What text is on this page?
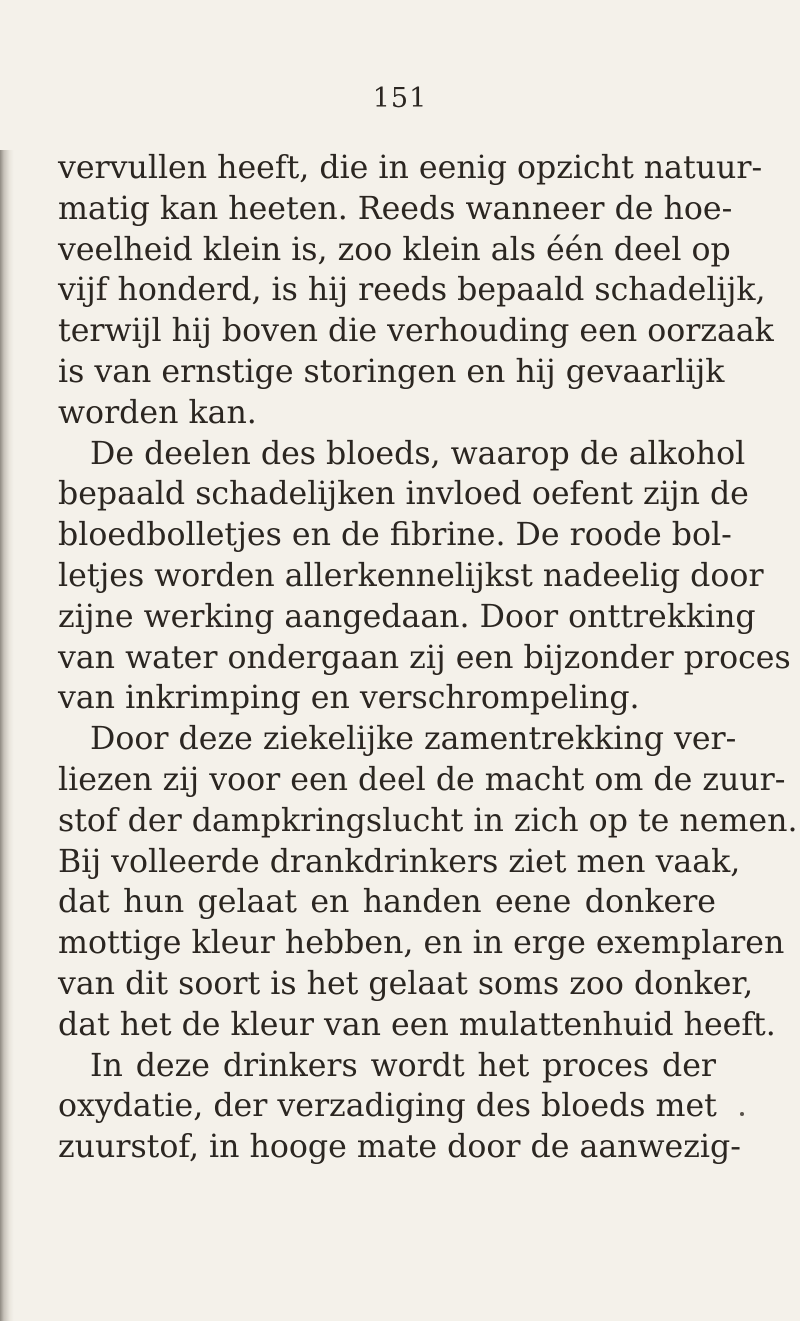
151
vervullen heeft, die in eenig opzicht natuur-
matig kan heeten. Reeds wanneer de hoe-
veelheid klein is, zoo klein als één deel op
vijf honderd, is hij reeds bepaald schadelijk,
terwijl hij boven die verhouding een oorzaak
is van ernstige storingen en hij gevaarlijk
worden kan.
De deelen des bloeds, waarop de alkohol
bepaald schadelijken invloed oefent zijn de
bloedbolletjes en de fibrine. De roode bol-
letjes worden allerkennelijkst nadeelig door
zijne werking aangedaan. Door onttrekking
van water ondergaan zij een bijzonder proces
van inkrimping en verschrompeling.
Door deze ziekelijke zamentrekking ver-
liezen zij voor een deel de macht om de zuur-
stof der dampkringslucht in zich op te nemen.
Bij volleerde drankdrinkers ziet men vaak,
dat hun gelaat en handen eene donkere
mottige kleur hebben, en in erge exemplaren
van dit soort is het gelaat soms zoo donker,
dat het de kleur van een mulattenhuid heeft.
In deze drinkers wordt het proces der
oxydatie, der verzadiging des bloeds met
zuurstof, in hooge mate door de aanwezig-
